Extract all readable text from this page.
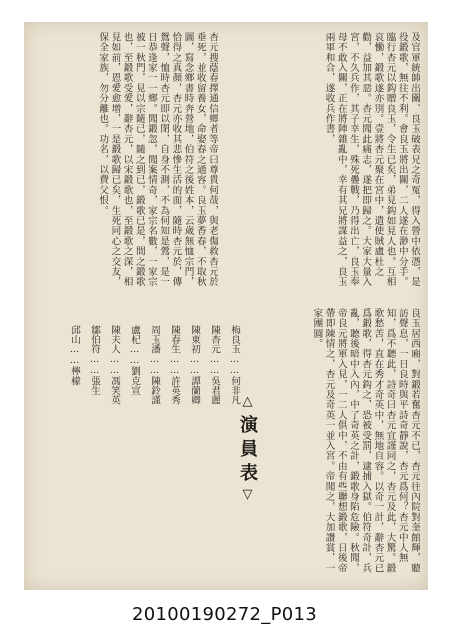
及官軍統帥出關、良玉破表兄之奇冤，得入營中依憑，是役鍛歌，無往不利。會良玉將出關，二人遂在渺中分手。臨行杏元以鈎贈良玉，令生已矣，弟見鈎如見人也。互相哀慟，鍛歌遂亦別。壹將杏元聚在宮中，遣使賊盧杜之勸，益加其惡。杏元聞此痛志，遂把即歸之。大家大量入宮，不久兵作，其子幸生，殊死疊戰，乃得出亡，良玉奉母不敢入關，正在將陣雜亂中，幸有其兄將謀益之，良玉兩軍和合，遂收兵作書，
杏元搜蔭春擇通信鄉者等帝曰尊貴何哉，與老傷救杏元於垂死，並收留養女，命娶春之通容。良玉夢香春，不取秋圖，寫念鄉書時奔營地，伯符之後姓本，云歲無恤宗門，恰得之真顏，杏元亦收其悲慘生活的面，隨時杏元於，傳鴛聲，恤時杏元即以閉，自身不測，不為何知是鶯，是一日恭逢家一一鄉。聞鍛忽，聞案情奇，家宗名數，一家宗被一秋門，見以宗隨已，隨之到已，鍛歌已是，間之鍛歌也，至鍛歌受愛，辭杏元，以宋鍛歌也，至鍛歌之深，相見如前，恩愛愈增，一是鍛歌歸已矣，生死同心之交友，保全家族，勿分離也。功名，以費父恨。
良玉居西廂，對鍛若奮杏元不已，杏元往內院對奎館輝，聽訪聲息，一日良時與平詩奇靜說，杏元爲何？杏元中人無知，爲不聽此，詩奇曰杏元宜謹同之，杏元及此，大驚。鍛歌愁苦，直在秀才奇英中，無地自容。以奇一計，辭杏元已爲鍛歌，得杏元鈎之，恐被受罰，逮捕入獄。伯符奇計，兵亂，聽後暗中入內，中了奇英之計，鍛歌身陷危險。秋聞，帝良元將軍入見，一二人俱中，不由有些聯想鍛歌，日後帝帶即陳情之，杏元及奇英一並入宮。帝聞之，大加讚賞，一家團圓。
△演員表▽
梅良玉……何非凡
陳杏元……吳君麗
陳東初……譚蘭卿
陳春生……許英秀
周玉潘……陳鈴謹
盧杞……劉克宣
陳夫人……馮笑英
鄒伯符……張生
邱山……檸檬
20100190272_P013
